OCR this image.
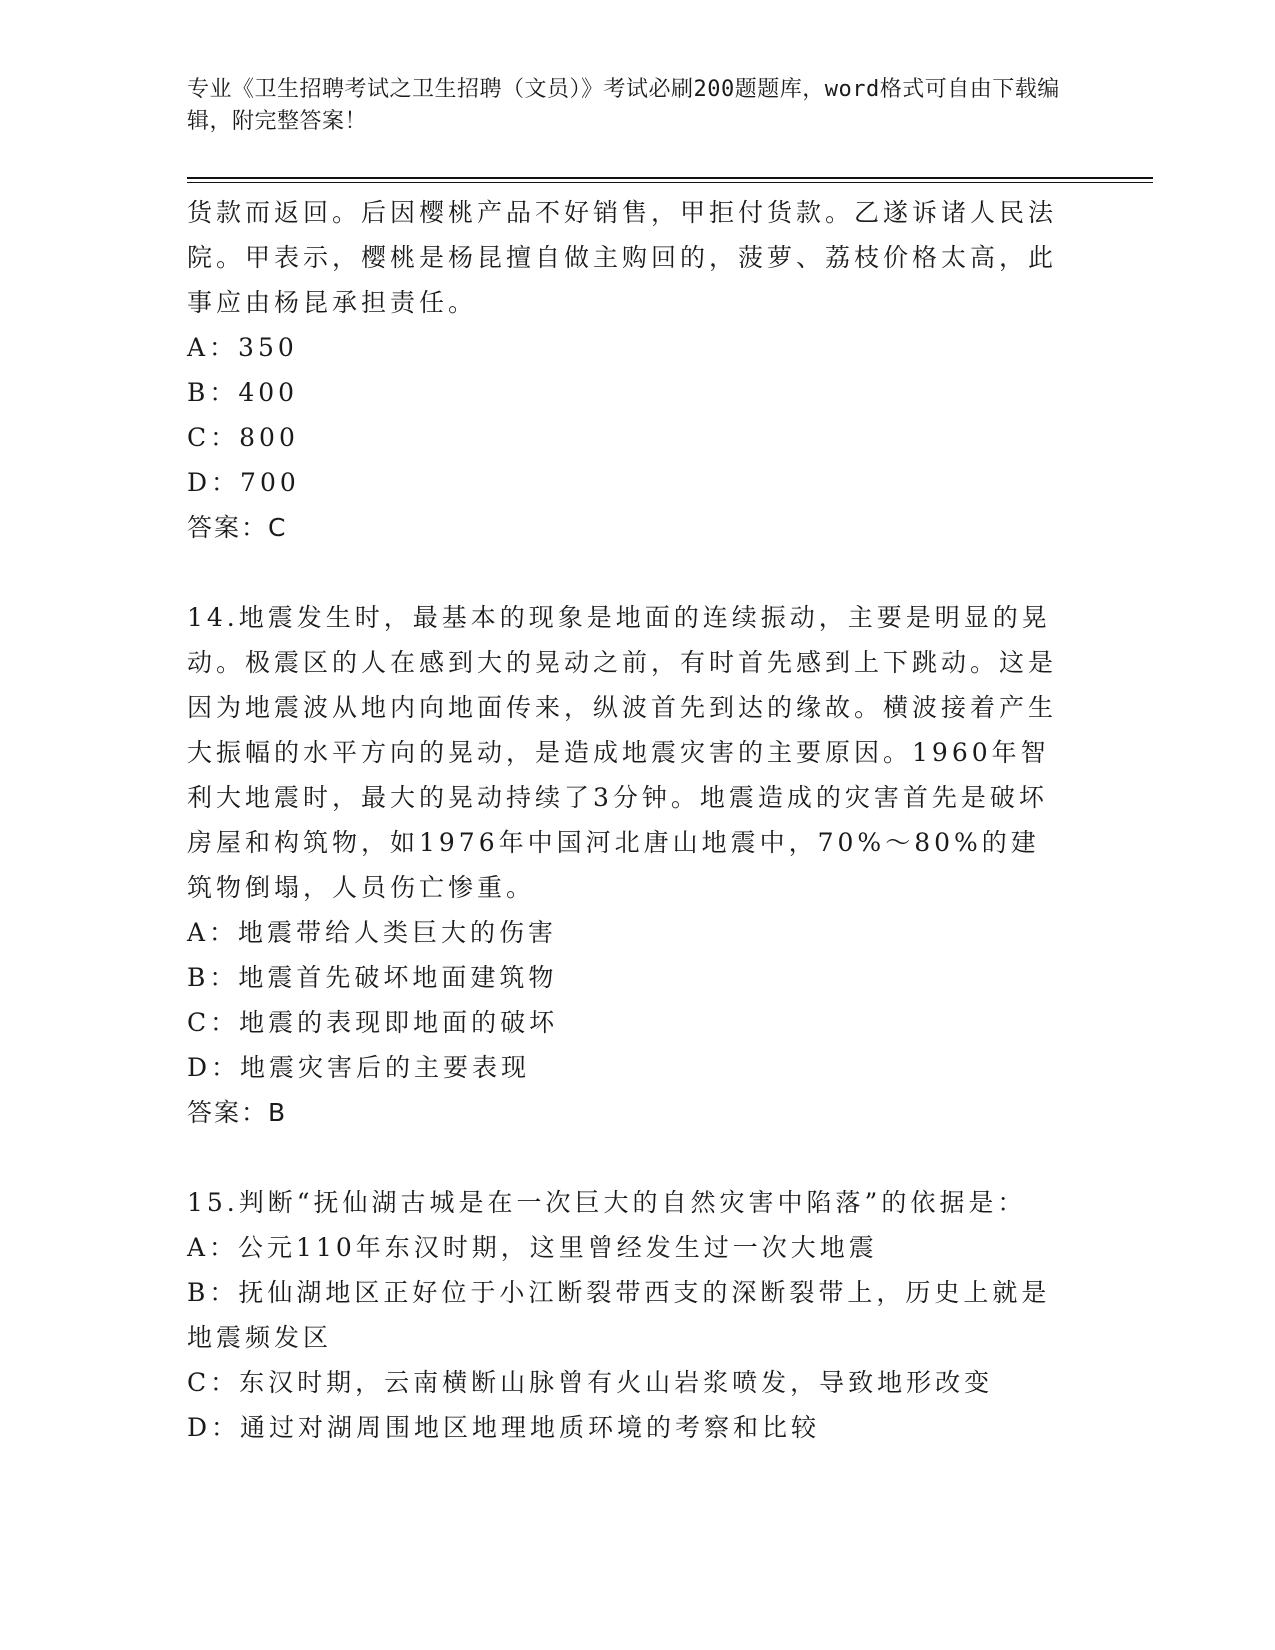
专业《卫生招聘考试之卫生招聘（文员）》考试必刷200题题库，word格式可自由下载编辑，附完整答案！

货款而返回。后因樱桃产品不好销售，甲拒付货款。乙遂诉诸人民法院。甲表示，樱桃是杨昆擅自做主购回的，菠萝、荔枝价格太高，此事应由杨昆承担责任。

A：350

B：400

C：800

D：700

答案：C

14.地震发生时，最基本的现象是地面的连续振动，主要是明显的晃动。极震区的人在感到大的晃动之前，有时首先感到上下跳动。这是因为地震波从地内向地面传来，纵波首先到达的缘故。横波接着产生大振幅的水平方向的晃动，是造成地震灾害的主要原因。1960年智利大地震时，最大的晃动持续了3分钟。地震造成的灾害首先是破坏房屋和构筑物，如1976年中国河北唐山地震中，70%～80%的建筑物倒塌，人员伤亡惨重。

A：地震带给人类巨大的伤害

B：地震首先破坏地面建筑物

C：地震的表现即地面的破坏

D：地震灾害后的主要表现

答案：B

15.判断“抚仙湖古城是在一次巨大的自然灾害中陷落”的依据是：

A：公元110年东汉时期，这里曾经发生过一次大地震

B：抚仙湖地区正好位于小江断裂带西支的深断裂带上，历史上就是地震频发区

C：东汉时期，云南横断山脉曾有火山岩浆喷发，导致地形改变

D：通过对湖周围地区地理地质环境的考察和比较
